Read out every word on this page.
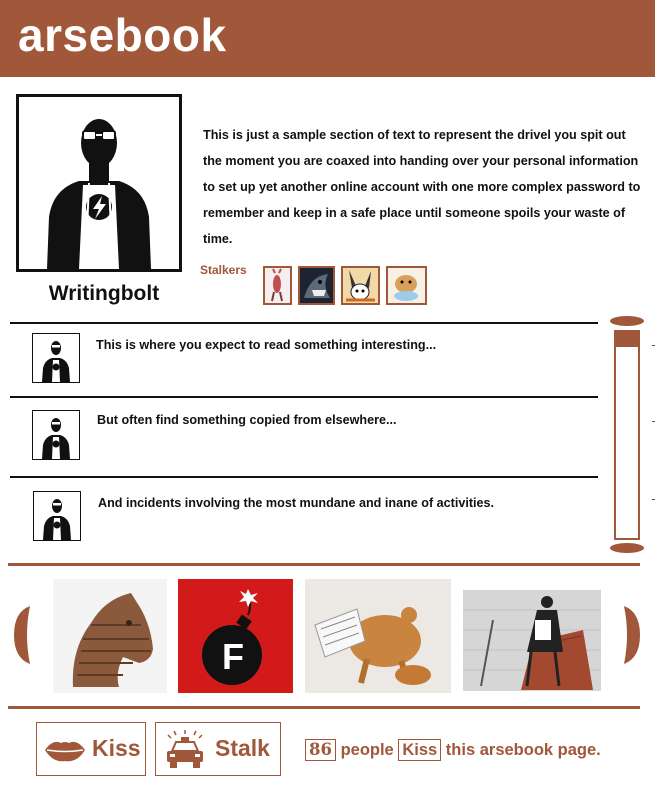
arsebook
Writingbolt
This is just a sample section of text to represent the drivel you spit out the moment you are coaxed into handing over your personal information to set up yet another online account with one more complex password to remember and keep in a safe place until someone spoils your waste of time.
Stalkers
This is where you expect to read something interesting...
But often find something copied from elsewhere...
And incidents involving the most mundane and inane of activities.
F
Kiss	Stalk 86 people Kiss this arsebook page.
